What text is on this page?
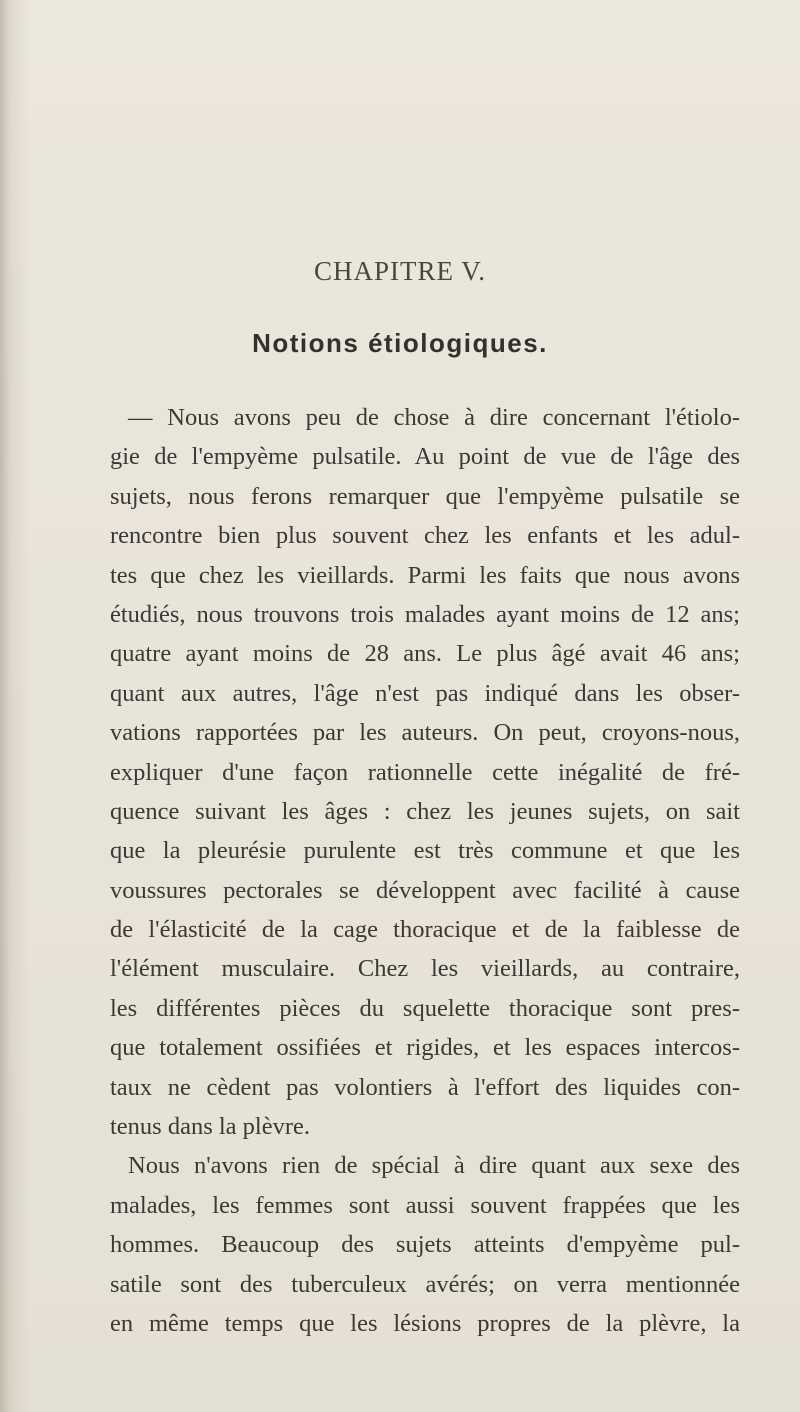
CHAPITRE V.
Notions étiologiques.
— Nous avons peu de chose à dire concernant l'étiolo-
gie de l'empyème pulsatile. Au point de vue de l'âge des
sujets, nous ferons remarquer que l'empyème pulsatile se
rencontre bien plus souvent chez les enfants et les adul-
tes que chez les vieillards. Parmi les faits que nous avons
étudiés, nous trouvons trois malades ayant moins de 12 ans;
quatre ayant moins de 28 ans. Le plus âgé avait 46 ans;
quant aux autres, l'âge n'est pas indiqué dans les obser-
vations rapportées par les auteurs. On peut, croyons-nous,
expliquer d'une façon rationnelle cette inégalité de fré-
quence suivant les âges : chez les jeunes sujets, on sait
que la pleurésie purulente est très commune et que les
voussures pectorales se développent avec facilité à cause
de l'élasticité de la cage thoracique et de la faiblesse de
l'élément musculaire. Chez les vieillards, au contraire,
les différentes pièces du squelette thoracique sont pres-
que totalement ossifiées et rigides, et les espaces intercos-
taux ne cèdent pas volontiers à l'effort des liquides con-
tenus dans la plèvre.
Nous n'avons rien de spécial à dire quant aux sexe des
malades, les femmes sont aussi souvent frappées que les
hommes. Beaucoup des sujets atteints d'empyème pul-
satile sont des tuberculeux avérés; on verra mentionnée
en même temps que les lésions propres de la plèvre, la
